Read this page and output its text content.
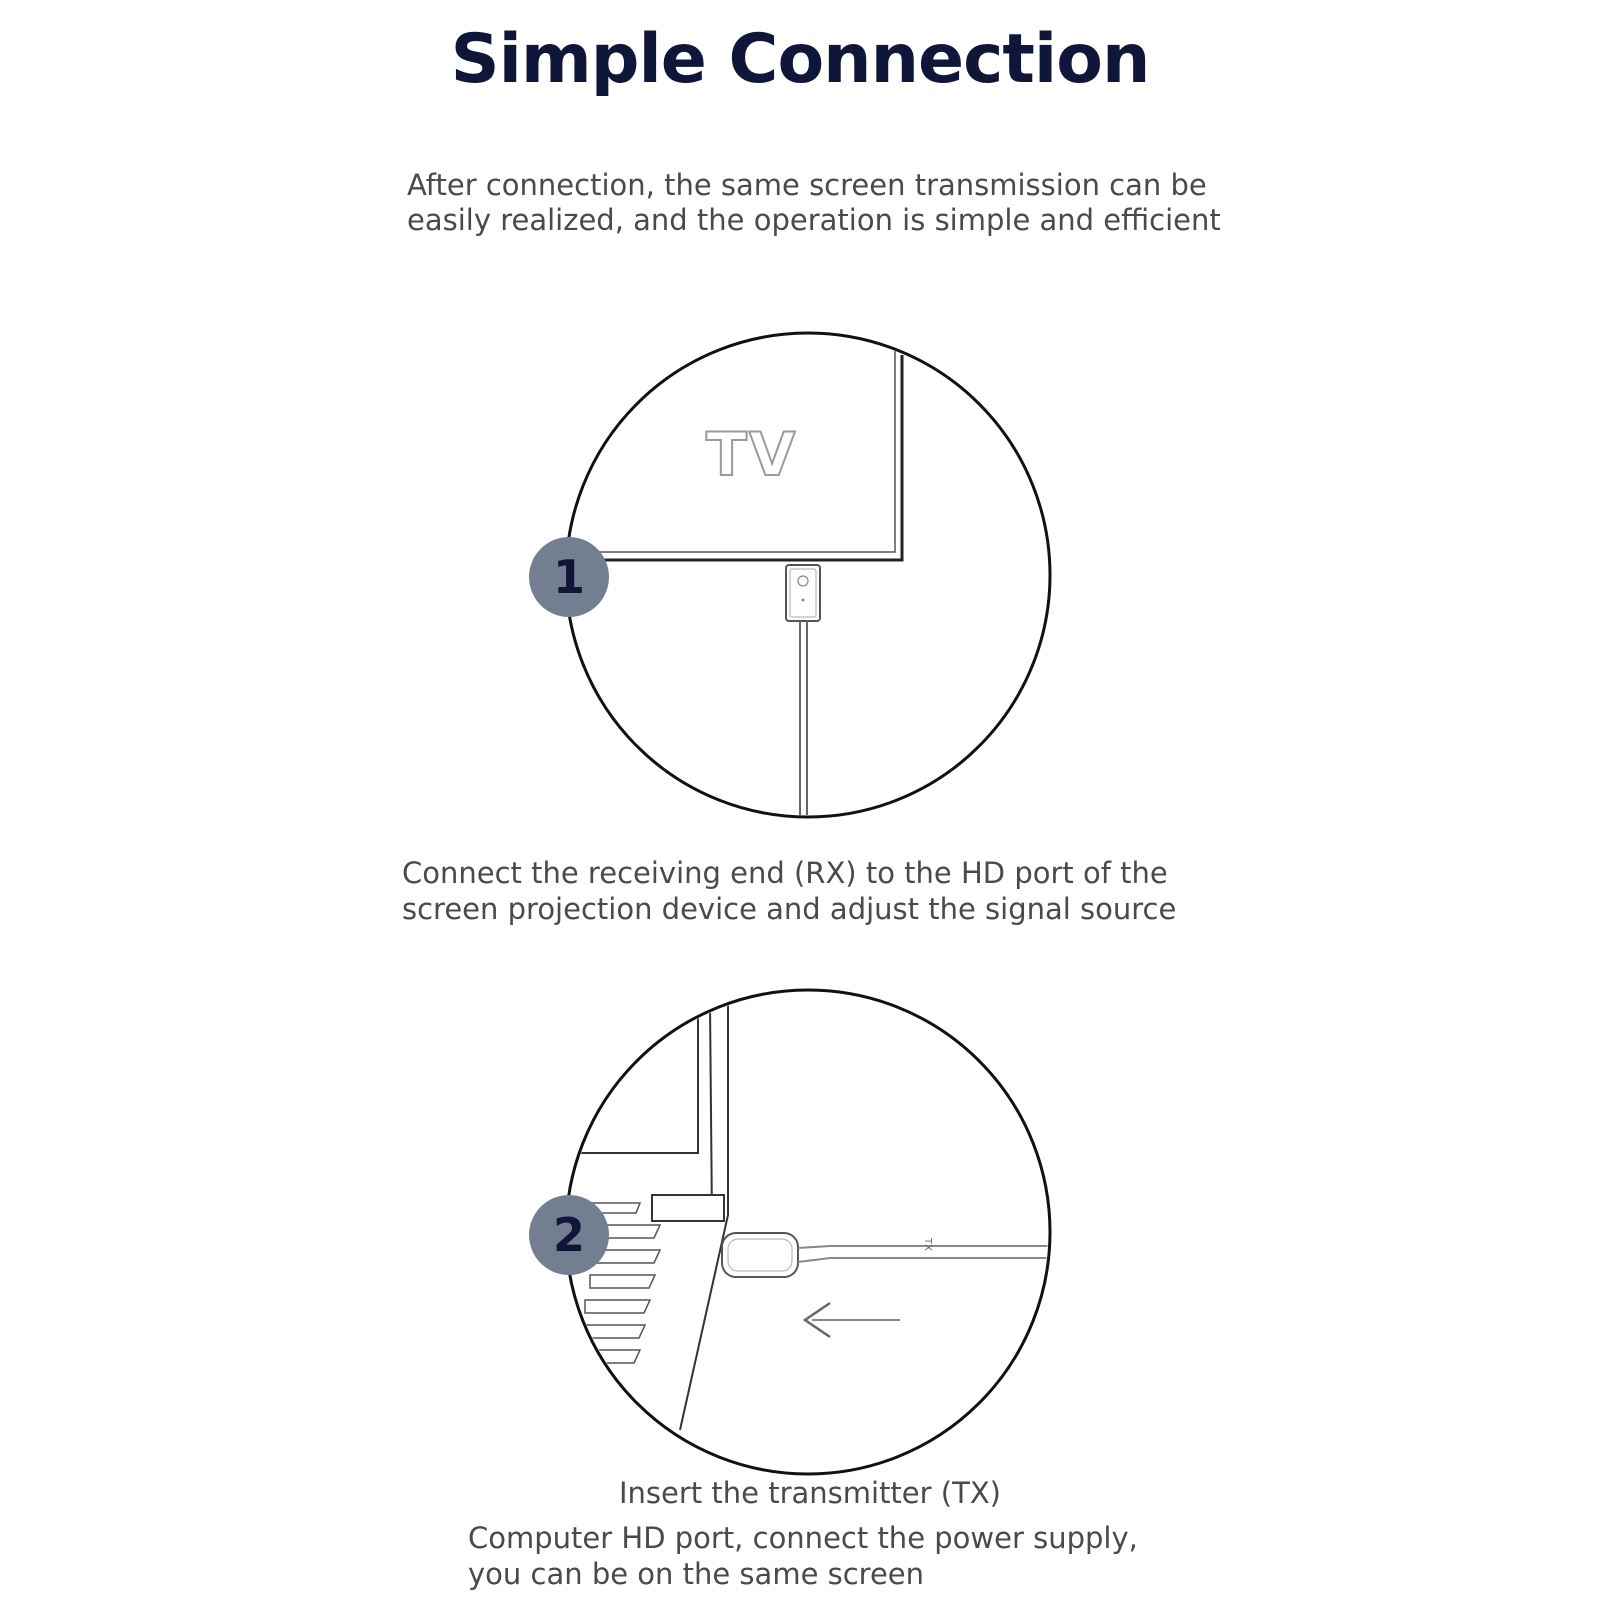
Simple Connection
After connection, the same screen transmission can be easily realized, and the operation is simple and efficient
TX
TV
1
2
Connect the receiving end (RX) to the HD port of the
screen projection device and adjust the signal source
Insert the transmitter (TX)
Computer HD port, connect the power supply,
you can be on the same screen
